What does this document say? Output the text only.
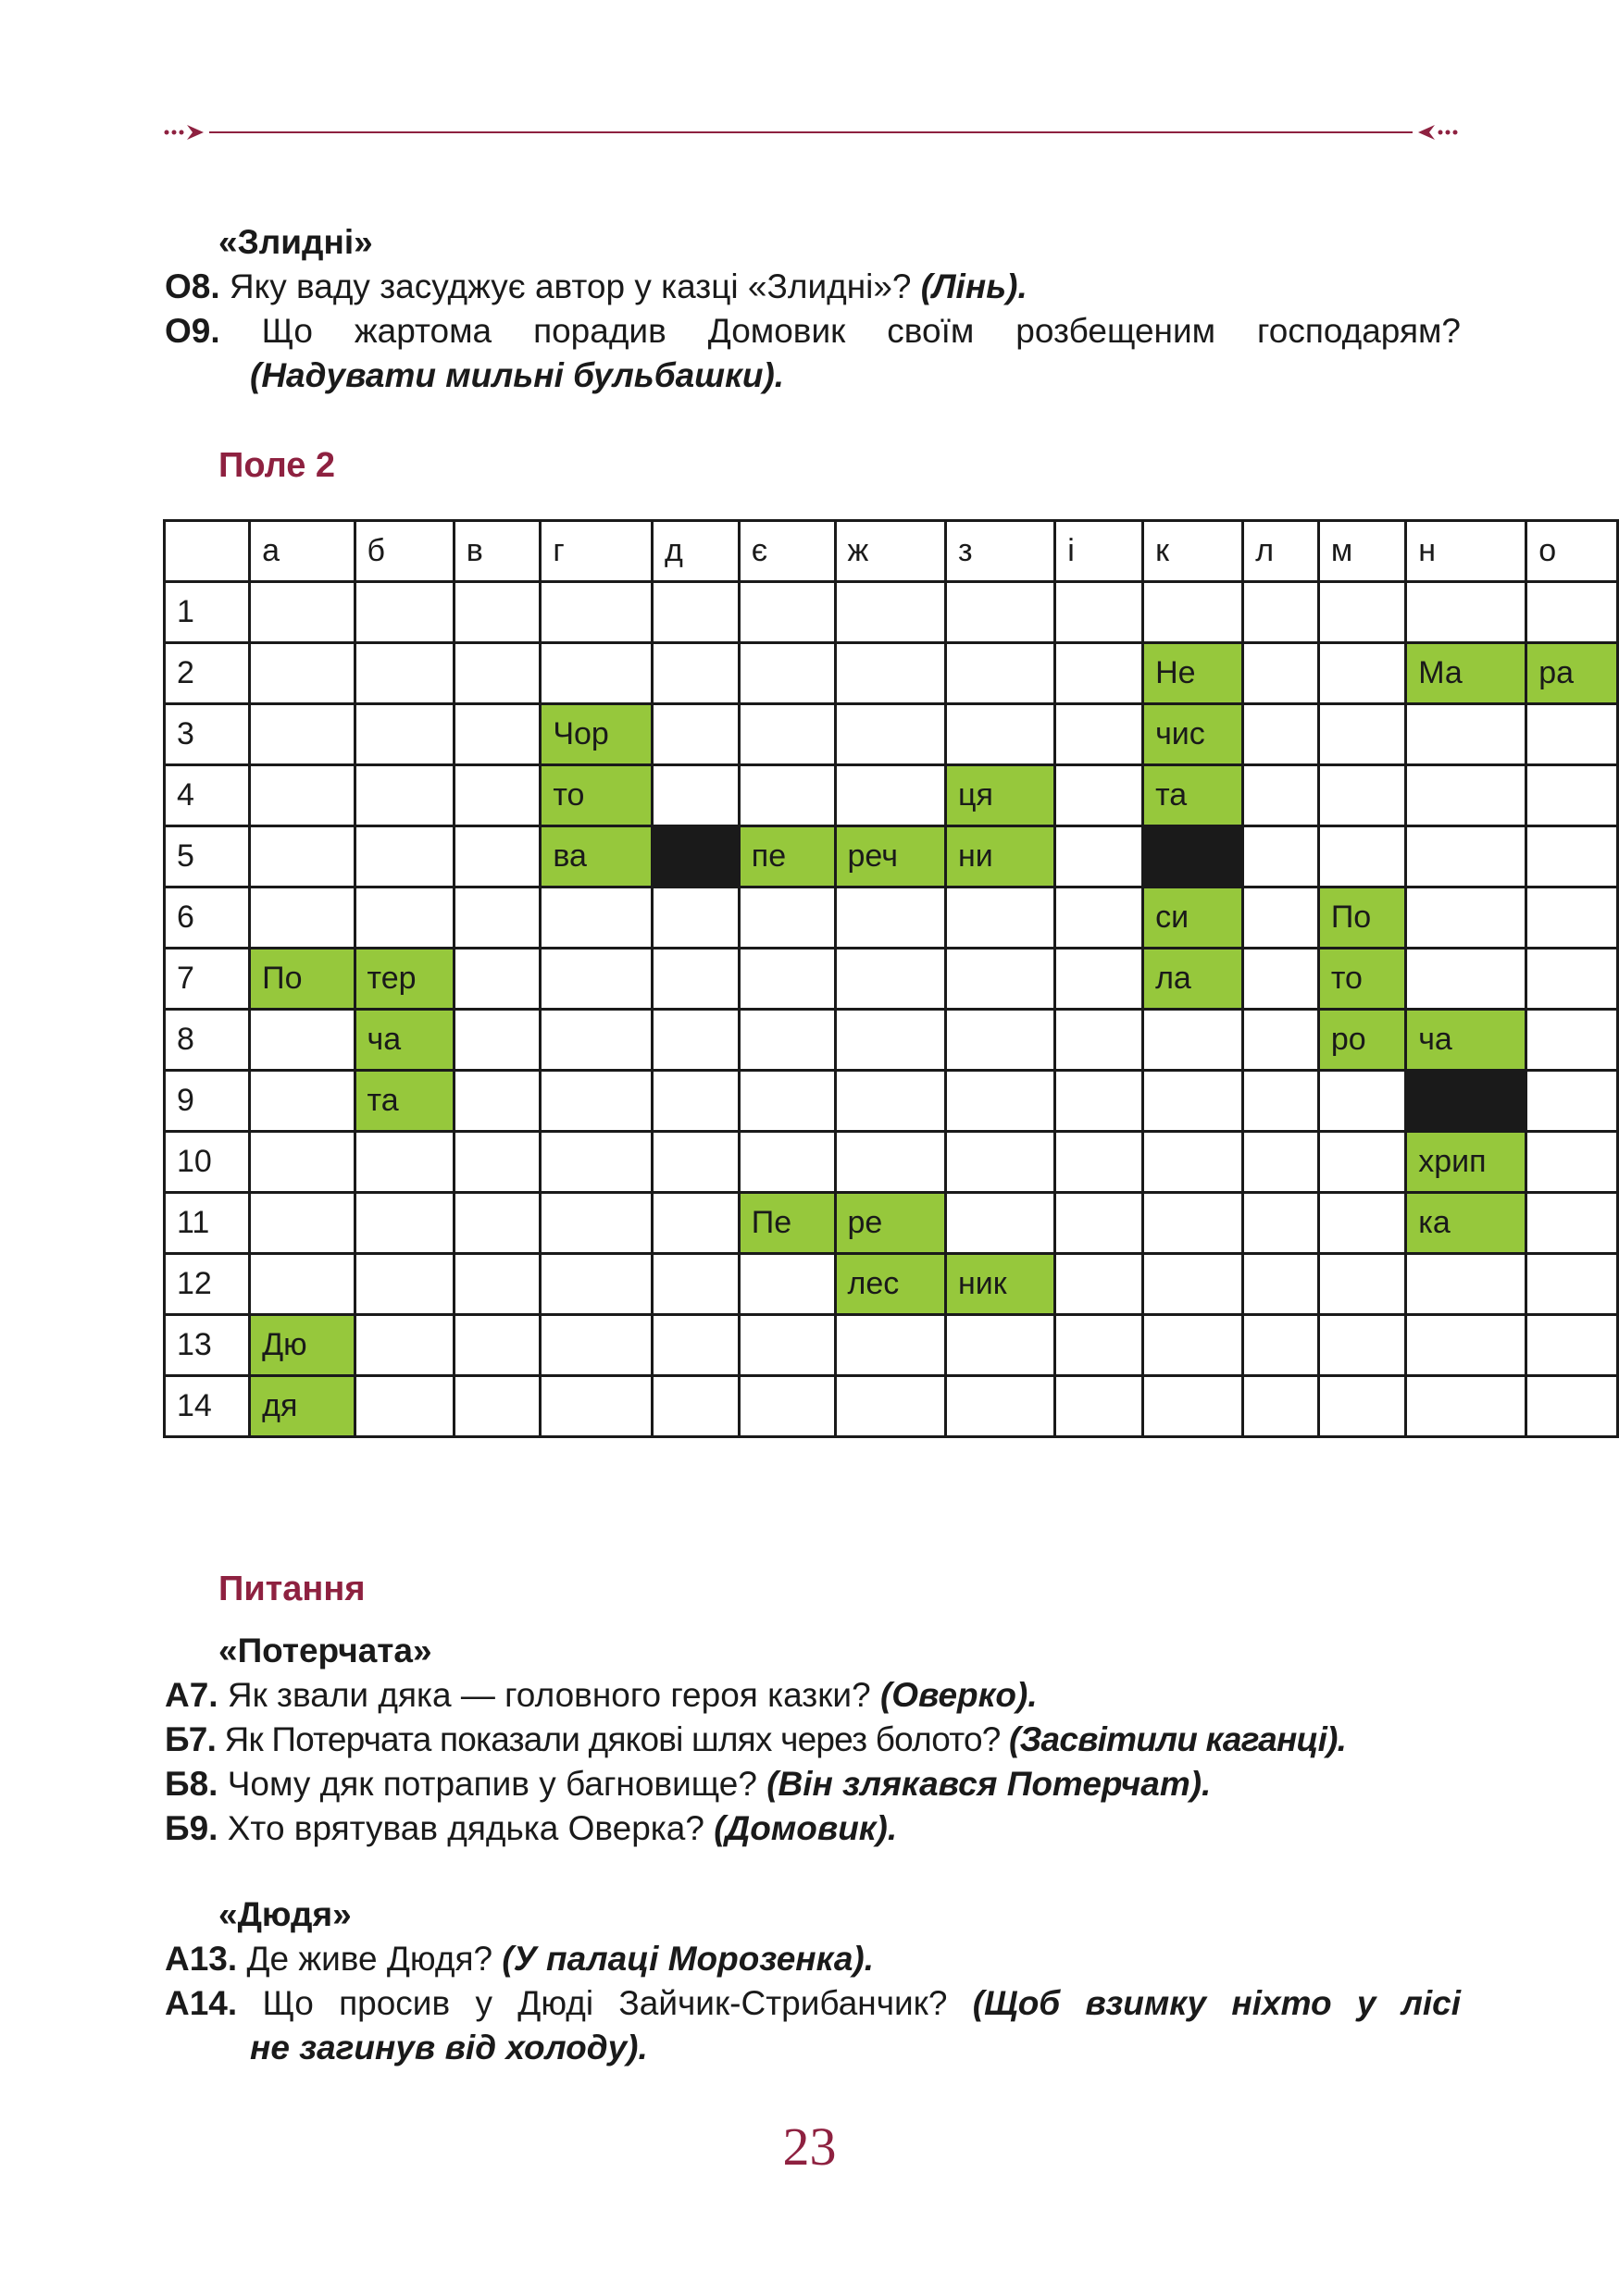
«Злидні»
О8. Яку ваду засуджує автор у казці «Злидні»? (Лінь).
О9. Що жартома порадив Домовик своїм розбещеним господарям?
(Надувати мильні бульбашки).
Поле 2
	а	б	в	г	д	є	ж	з	і	к	л	м	н	о
1														
2										Не			Ма	ра
3				Чор						чис				
4				то				ця		та				
5				ва		пе	реч	ни						
6										си		По		
7	По	тер								ла		то		
8		ча										ро	ча	
9		та												
10													хрип	
11						Пе	ре						ка	
12							лес	ник						
13	Дю													
14	дя													
Питання
«Потерчата»
А7. Як звали дяка — головного героя казки? (Оверко).
Б7. Як Потерчата показали дякові шлях через болото? (Засвітили каганці).
Б8. Чому дяк потрапив у багновище? (Він злякався Потерчат).
Б9. Хто врятував дядька Оверка? (Домовик).
«Дюдя»
А13. Де живе Дюдя? (У палаці Морозенка).
А14. Що просив у Дюді Зайчик-Стрибанчик? (Щоб взимку ніхто у лісі
не загинув від холоду).
23
